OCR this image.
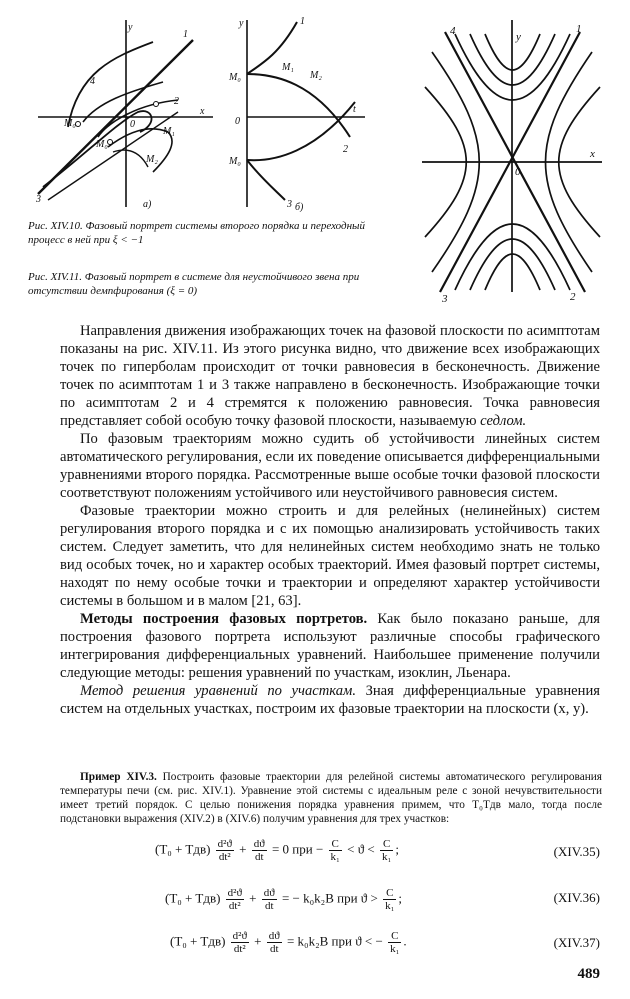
1
2
3
4
M₀
M₀
M₁
M₂
0
y
x
a)
1
2
3
M₀
M₀
M₁
M₂
0
y
t
б)
1
2
3
4
0
y
x
Рис. XIV.10. Фазовый портрет системы второго порядка и переходный процесс в ней при ξ < −1
Рис. XIV.11. Фазовый портрет в системе для неустойчивого звена при отсутствии демпфирования (ξ = 0)

Направления движения изображающих точек на фазовой плоскости по асимптотам показаны на рис. XIV.11. Из этого рисунка видно, что движение всех изображающих точек по гиперболам происходит от точки равновесия в бесконечность. Движение точек по асимптотам 1 и 3 также направлено в бесконечность. Изображающие точки по асимптотам 2 и 4 стремятся к положению равновесия. Точка равновесия представляет собой особую точку фазовой плоскости, называемую седлом.

По фазовым траекториям можно судить об устойчивости линейных систем автоматического регулирования, если их поведение описывается дифференциальными уравнениями второго порядка. Рассмотренные выше особые точки фазовой плоскости соответствуют положениям устойчивого или неустойчивого равновесия систем.

Фазовые траектории можно строить и для релейных (нелинейных) систем регулирования второго порядка и с их помощью анализировать устойчивость таких систем. Следует заметить, что для нелинейных систем необходимо знать не только вид особых точек, но и характер особых траекторий. Имея фазовый портрет системы, находят по нему особые точки и траектории и определяют характер устойчивости системы в большом и в малом [21, 63].

Методы построения фазовых портретов. Как было показано раньше, для построения фазового портрета используют различные способы графического интегрирования дифференциальных уравнений. Наибольшее применение получили следующие методы: решения уравнений по участкам, изоклин, Льенара.

Метод решения уравнений по участкам. Зная дифференциальные уравнения систем на отдельных участках, построим их фазовые траектории на плоскости (x, y).

Пример XIV.3. Построить фазовые траектории для релейной системы автоматического регулирования температуры печи (см. рис. XIV.1). Уравнение этой системы с идеальным реле с зоной нечувствительности имеет третий порядок. С целью понижения порядка уравнения примем, что T₀Tдв мало, тогда после подстановки выражения (XIV.2) в (XIV.6) получим уравнения для трех участков:
$(T_0 + Tдв) \frac{\text{d²ϑ}}{\text{dt²}} + \frac{dϑ}{dt} = 0$ при − $\frac{C}{\text{k₁}} < ϑ < \frac{C}{\text{k₁}}$ ;	(XIV.35)
$(T_0 + Tдв) \frac{\text{d²ϑ}}{\text{dt²}} + \frac{dϑ}{dt}$ = − k₀k₂B при $ϑ > \frac{C}{\text{k₁}}$ ;	(XIV.36)
$(T_0 + Tдв) \frac{\text{d²ϑ}}{\text{dt²}} + \frac{dϑ}{dt} = k_0k_2B$ при ϑ < − $\frac{C}{\text{k₁}}$ .	(XIV.37)
489
